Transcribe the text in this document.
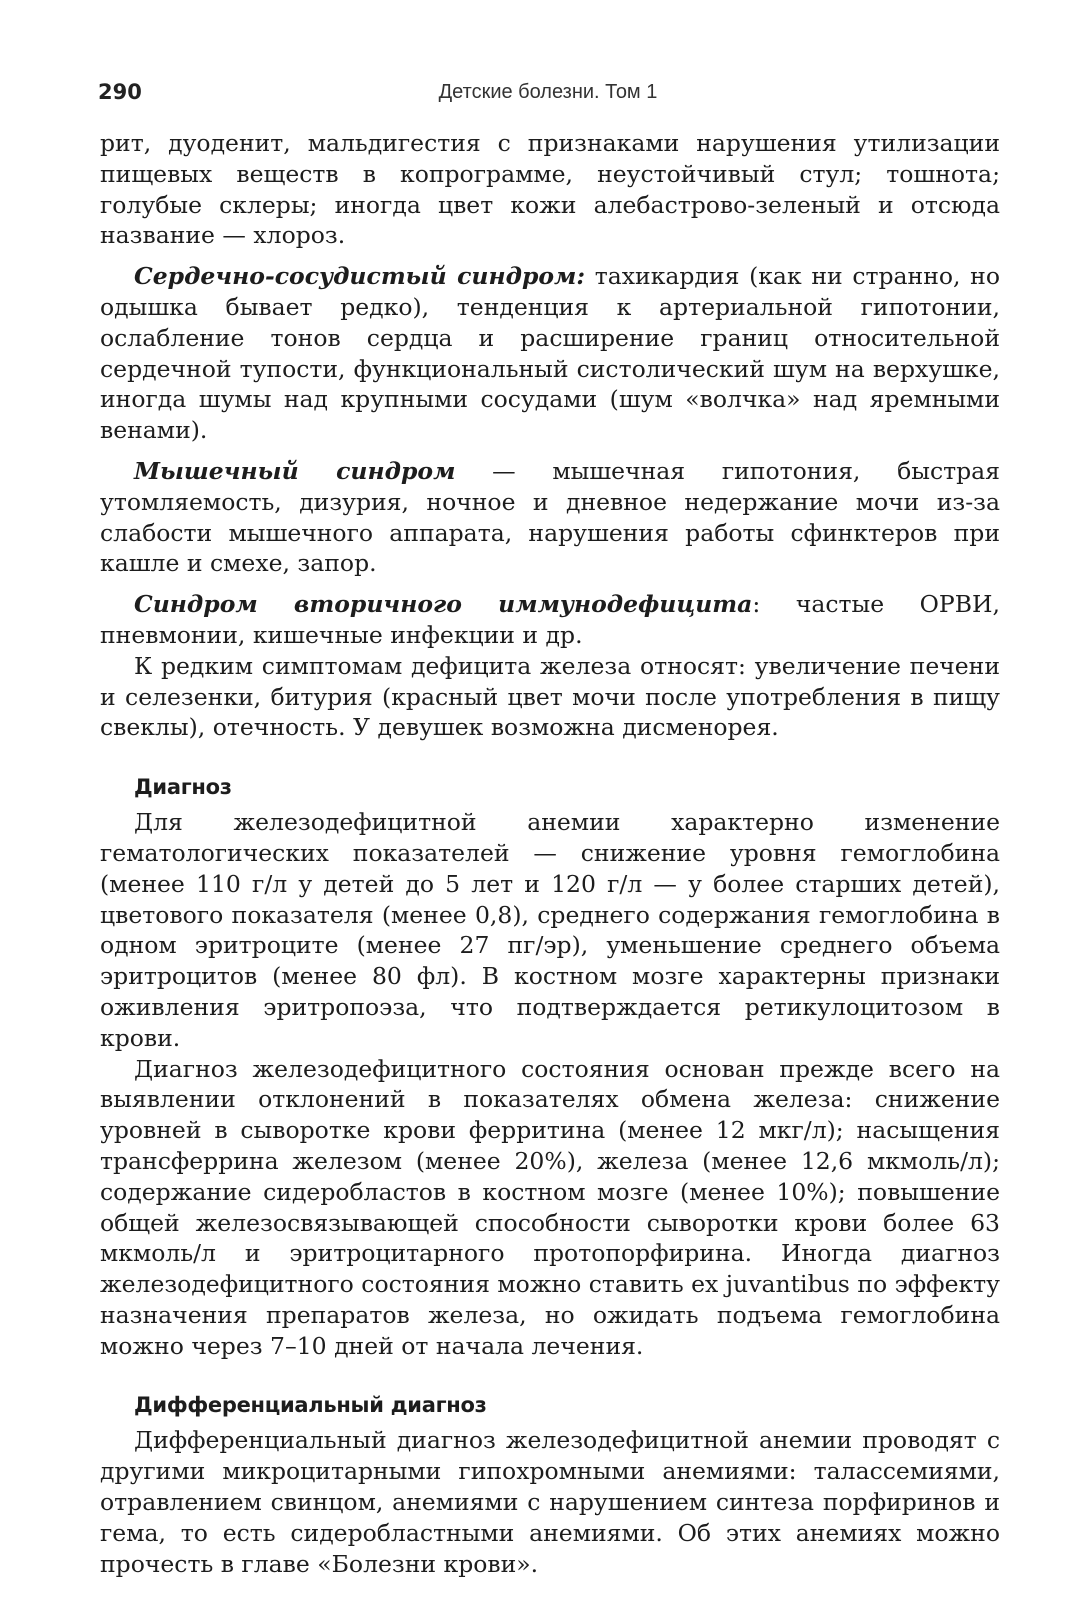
290	Детские болезни. Том 1

рит, дуоденит, мальдигестия с признаками нарушения утилизации пищевых веществ в копрограмме, неустойчивый стул; тошнота; голубые склеры; иногда цвет кожи алебастрово-зеленый и отсюда название — хлороз.

Сердечно-сосудистый синдром: тахикардия (как ни странно, но одышка бывает редко), тенденция к артериальной гипотонии, ослабление тонов сердца и расширение границ относительной сердечной тупости, функциональный систолический шум на верхушке, иногда шумы над крупными сосудами (шум «волчка» над яремными венами).

Мышечный синдром — мышечная гипотония, быстрая утомляемость, дизурия, ночное и дневное недержание мочи из-за слабости мышечного аппарата, нарушения работы сфинктеров при кашле и смехе, запор.

Синдром вторичного иммунодефицита: частые ОРВИ, пневмонии, кишечные инфекции и др.

К редким симптомам дефицита железа относят: увеличение печени и селезенки, битурия (красный цвет мочи после употребления в пищу свеклы), отечность. У девушек возможна дисменорея.

Диагноз

Для железодефицитной анемии характерно изменение гематологических показателей — снижение уровня гемоглобина (менее 110 г/л у детей до 5 лет и 120 г/л — у более старших детей), цветового показателя (менее 0,8), среднего содержания гемоглобина в одном эритроците (менее 27 пг/эр), уменьшение среднего объема эритроцитов (менее 80 фл). В костном мозге характерны признаки оживления эритропоэза, что подтверждается ретикулоцитозом в крови.

Диагноз железодефицитного состояния основан прежде всего на выявлении отклонений в показателях обмена железа: снижение уровней в сыворотке крови ферритина (менее 12 мкг/л); насыщения трансферрина железом (менее 20%), железа (менее 12,6 мкмоль/л); содержание сидеробластов в костном мозге (менее 10%); повышение общей железосвязывающей способности сыворотки крови более 63 мкмоль/л и эритроцитарного протопорфирина. Иногда диагноз железодефицитного состояния можно ставить ex juvantibus по эффекту назначения препаратов железа, но ожидать подъема гемоглобина можно через 7–10 дней от начала лечения.

Дифференциальный диагноз

Дифференциальный диагноз железодефицитной анемии проводят с другими микроцитарными гипохромными анемиями: талассемиями, отравлением свинцом, анемиями с нарушением синтеза порфиринов и гема, то есть сидеробластными анемиями. Об этих анемиях можно прочесть в главе «Болезни крови».
